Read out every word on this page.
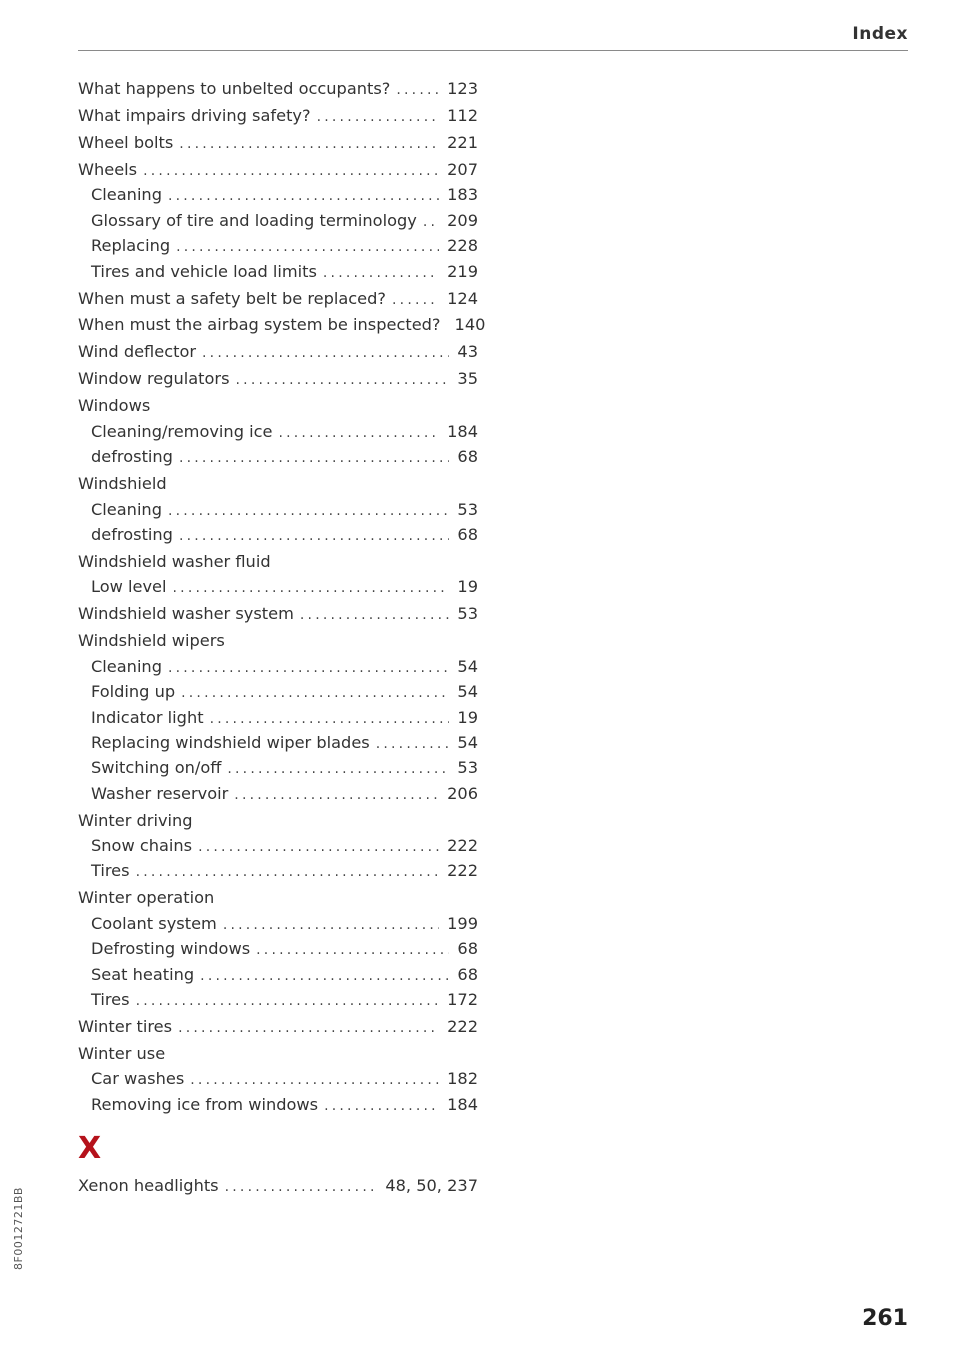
Index
What happens to unbelted occupants? .....	123
What impairs driving safety? .....	112
Wheel bolts .....	221
Wheels .....	207
Cleaning .....	183
Glossary of tire and loading terminology ..... 209
Replacing .....	228
Tires and vehicle load limits .....	219
When must a safety belt be replaced? .....	124
When must the airbag system be inspected? 140
Wind deflector .....	43
Window regulators .....	35
Windows
Cleaning/removing ice .....	184
defrosting .....	68
Windshield
Cleaning .....	53
defrosting .....	68
Windshield washer fluid
Low level .....	19
Windshield washer system .....	53
Windshield wipers
Cleaning .....	54
Folding up .....	54
Indicator light .....	19
Replacing windshield wiper blades .....	54
Switching on/off .....	53
Washer reservoir .....	206
Winter driving
Snow chains .....	222
Tires .....	222
Winter operation
Coolant system .....	199
Defrosting windows .....	68
Seat heating .....	68
Tires .....	172
Winter tires .....	222
Winter use
Car washes .....	182
Removing ice from windows .....	184
X
Xenon headlights .....	48, 50, 237
261
8F0012721BB
